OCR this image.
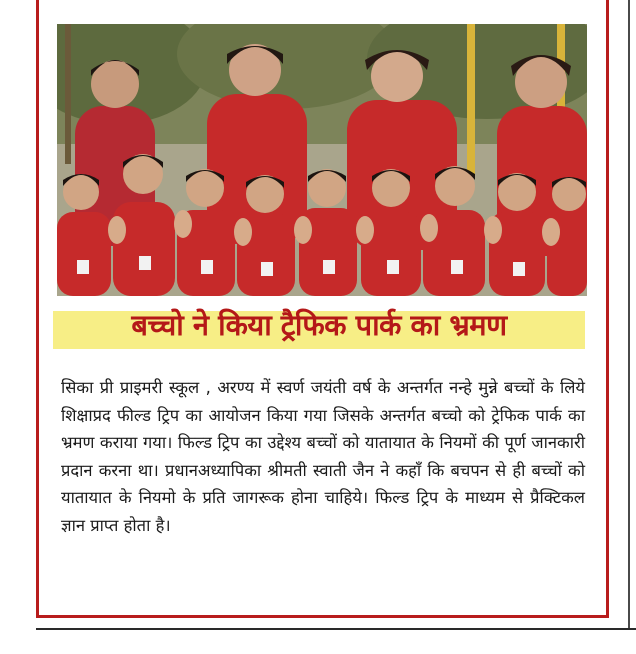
बच्चो ने किया ट्रैफिक पार्क का भ्रमण
सिका प्री प्राइमरी स्कूल , अरण्य में स्वर्ण जयंती वर्ष के अन्तर्गत नन्हे मुन्ने बच्चों के लिये शिक्षाप्रद फील्ड ट्रिप का आयोजन किया गया जिसके अन्तर्गत बच्चो को ट्रेफिक पार्क का भ्रमण कराया गया। फिल्ड ट्रिप का उद्देश्य बच्चों को यातायात के नियमों की पूर्ण जानकारी प्रदान करना था। प्रधानअध्यापिका श्रीमती स्वाती जैन ने कहाँ कि बचपन से ही बच्चों को यातायात के नियमो के प्रति जागरूक होना चाहिये। फिल्ड ट्रिप के माध्यम से प्रैक्टिकल ज्ञान प्राप्त होता है।
